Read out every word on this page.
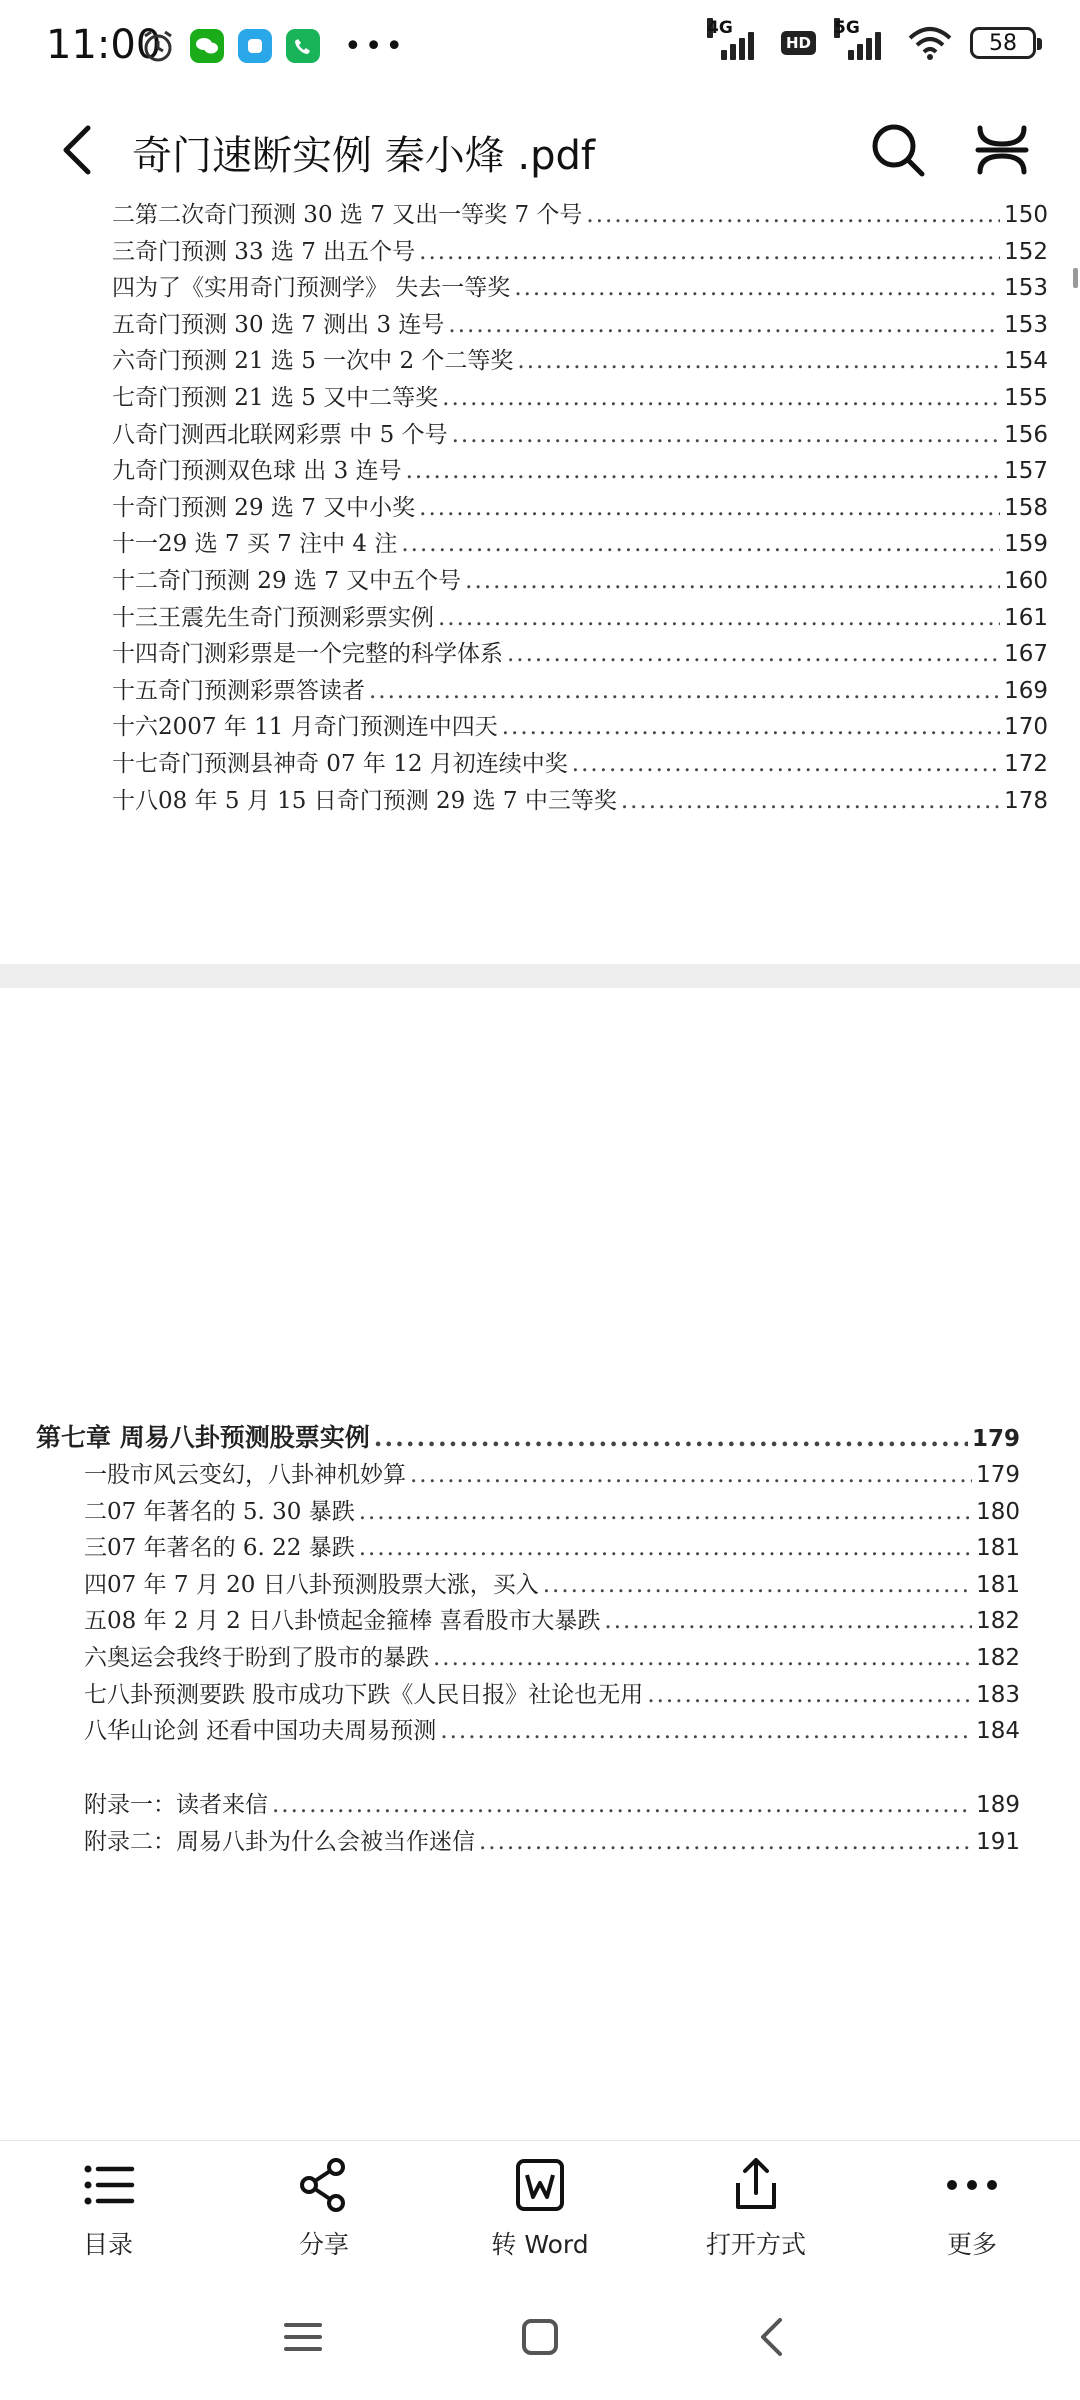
11:00	•••
4G
HD
5G
58
奇门速断实例 秦小烽 .pdf
二 第二次奇门预测 30 选 7 又出一等奖 7 个号 .....	150
三 奇门预测 33 选 7 出五个号 .....	152
四 为了《实用奇门预测学》 失去一等奖 .....	153
五 奇门预测 30 选 7 测出 3 连号 .....	153
六 奇门预测 21 选 5 一次中 2 个二等奖 .....	154
七 奇门预测 21 选 5 又中二等奖 .....	155
八 奇门测西北联网彩票 中 5 个号 .....	156
九 奇门预测双色球 出 3 连号 .....	157
十 奇门预测 29 选 7 又中小奖 .....	158
十一 29 选 7 买 7 注中 4 注 .....	159
十二 奇门预测 29 选 7 又中五个号 .....	160
十三 王震先生奇门预测彩票实例 .....	161
十四 奇门测彩票是一个完整的科学体系 .....	167
十五 奇门预测彩票答读者 .....	169
十六 2007 年 11 月奇门预测连中四天 .....	170
十七 奇门预测县神奇 07 年 12 月初连续中奖 .....	172
十八 08 年 5 月 15 日奇门预测 29 选 7 中三等奖 .....	178
第七章 周易八卦预测股票实例 .....	179
一 股市风云变幻，八卦神机妙算 .....	179
二 07 年著名的 5. 30 暴跌 .....	180
三 07 年著名的 6. 22 暴跌 .....	181
四 07 年 7 月 20 日八卦预测股票大涨，买入 .....	181
五 08 年 2 月 2 日八卦愤起金箍棒 喜看股市大暴跌 .....	182
六 奥运会我终于盼到了股市的暴跌 .....	182
七 八卦预测要跌 股市成功下跌《人民日报》社论也无用 .....	183
八 华山论剑 还看中国功夫周易预测 .....	184
附录一：读者来信 .....	189
附录二：周易八卦为什么会被当作迷信 .....	191
目录	分享	转 Word	打开方式	更多
